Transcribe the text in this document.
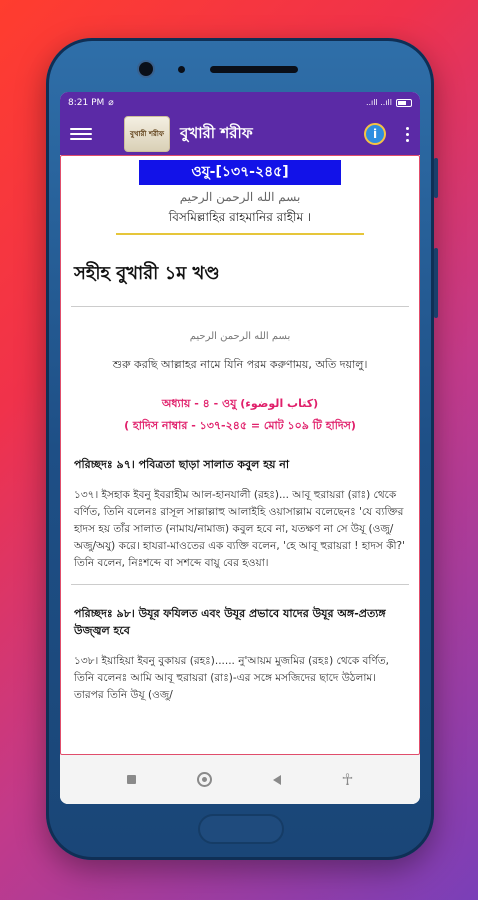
8:21 PM ⌀	..ıll ..ıll
বুখারী শরীফ বুখারী শরীফ	i
ওযু-[১৩৭-২৪৫]
بسم الله الرحمن الرحيم
বিসমিল্লাহির রাহমানির রাহীম ।
সহীহ বুখারী ১ম খণ্ড
بسم الله الرحمن الرحيم
শুরু করছি আল্লাহর নামে যিনি পরম করুণাময়, অতি দয়ালু।
অধ্যায় - ৪ - ওযু (كتاب الوضوء)
( হাদিস নাম্বার - ১৩৭-২৪৫ = মোট ১০৯ টি হাদিস)
পরিচ্ছদঃ ৯৭। পবিত্রতা ছাড়া সালাত কবুল হয় না
১৩৭। ইসহাক ইবনু ইবরাহীম আল-হানযালী (রহঃ)... আবূ হুরায়রা (রাঃ) থেকে বর্ণিত, তিনি বলেনঃ রাসূল সাল্লাল্লাহু আলাইহি ওয়াসাল্লাম বলেছেনঃ 'যে ব্যক্তির হাদস হয় তাঁর সালাত (নামায/নামাজ) কবুল হবে না, যতক্ষণ না সে উযূ (ওজু/অজু/অযু) করে। হাযরা-মাওতের এক ব্যক্তি বলেন, 'হে আবূ হুরায়রা ! হাদস কী?' তিনি বলেন, নিঃশব্দে বা সশব্দে বায়ু বের হওয়া।
পরিচ্ছদঃ ৯৮। উযূর ফযিলত এবং উযূর প্রভাবে যাদের উযূর অঙ্গ-প্রত্যঙ্গ উজ্জ্বল হবে
১৩৮। ইয়াহিয়া ইবনু বুকায়র (রহঃ)...... নু'আয়ম মুজমির (রহঃ) থেকে বর্ণিত, তিনি বলেনঃ আমি আবূ হুরায়রা (রাঃ)-এর সঙ্গে মসজিদের ছাদে উঠলাম। তারপর তিনি উযূ (ওজু/
☥
